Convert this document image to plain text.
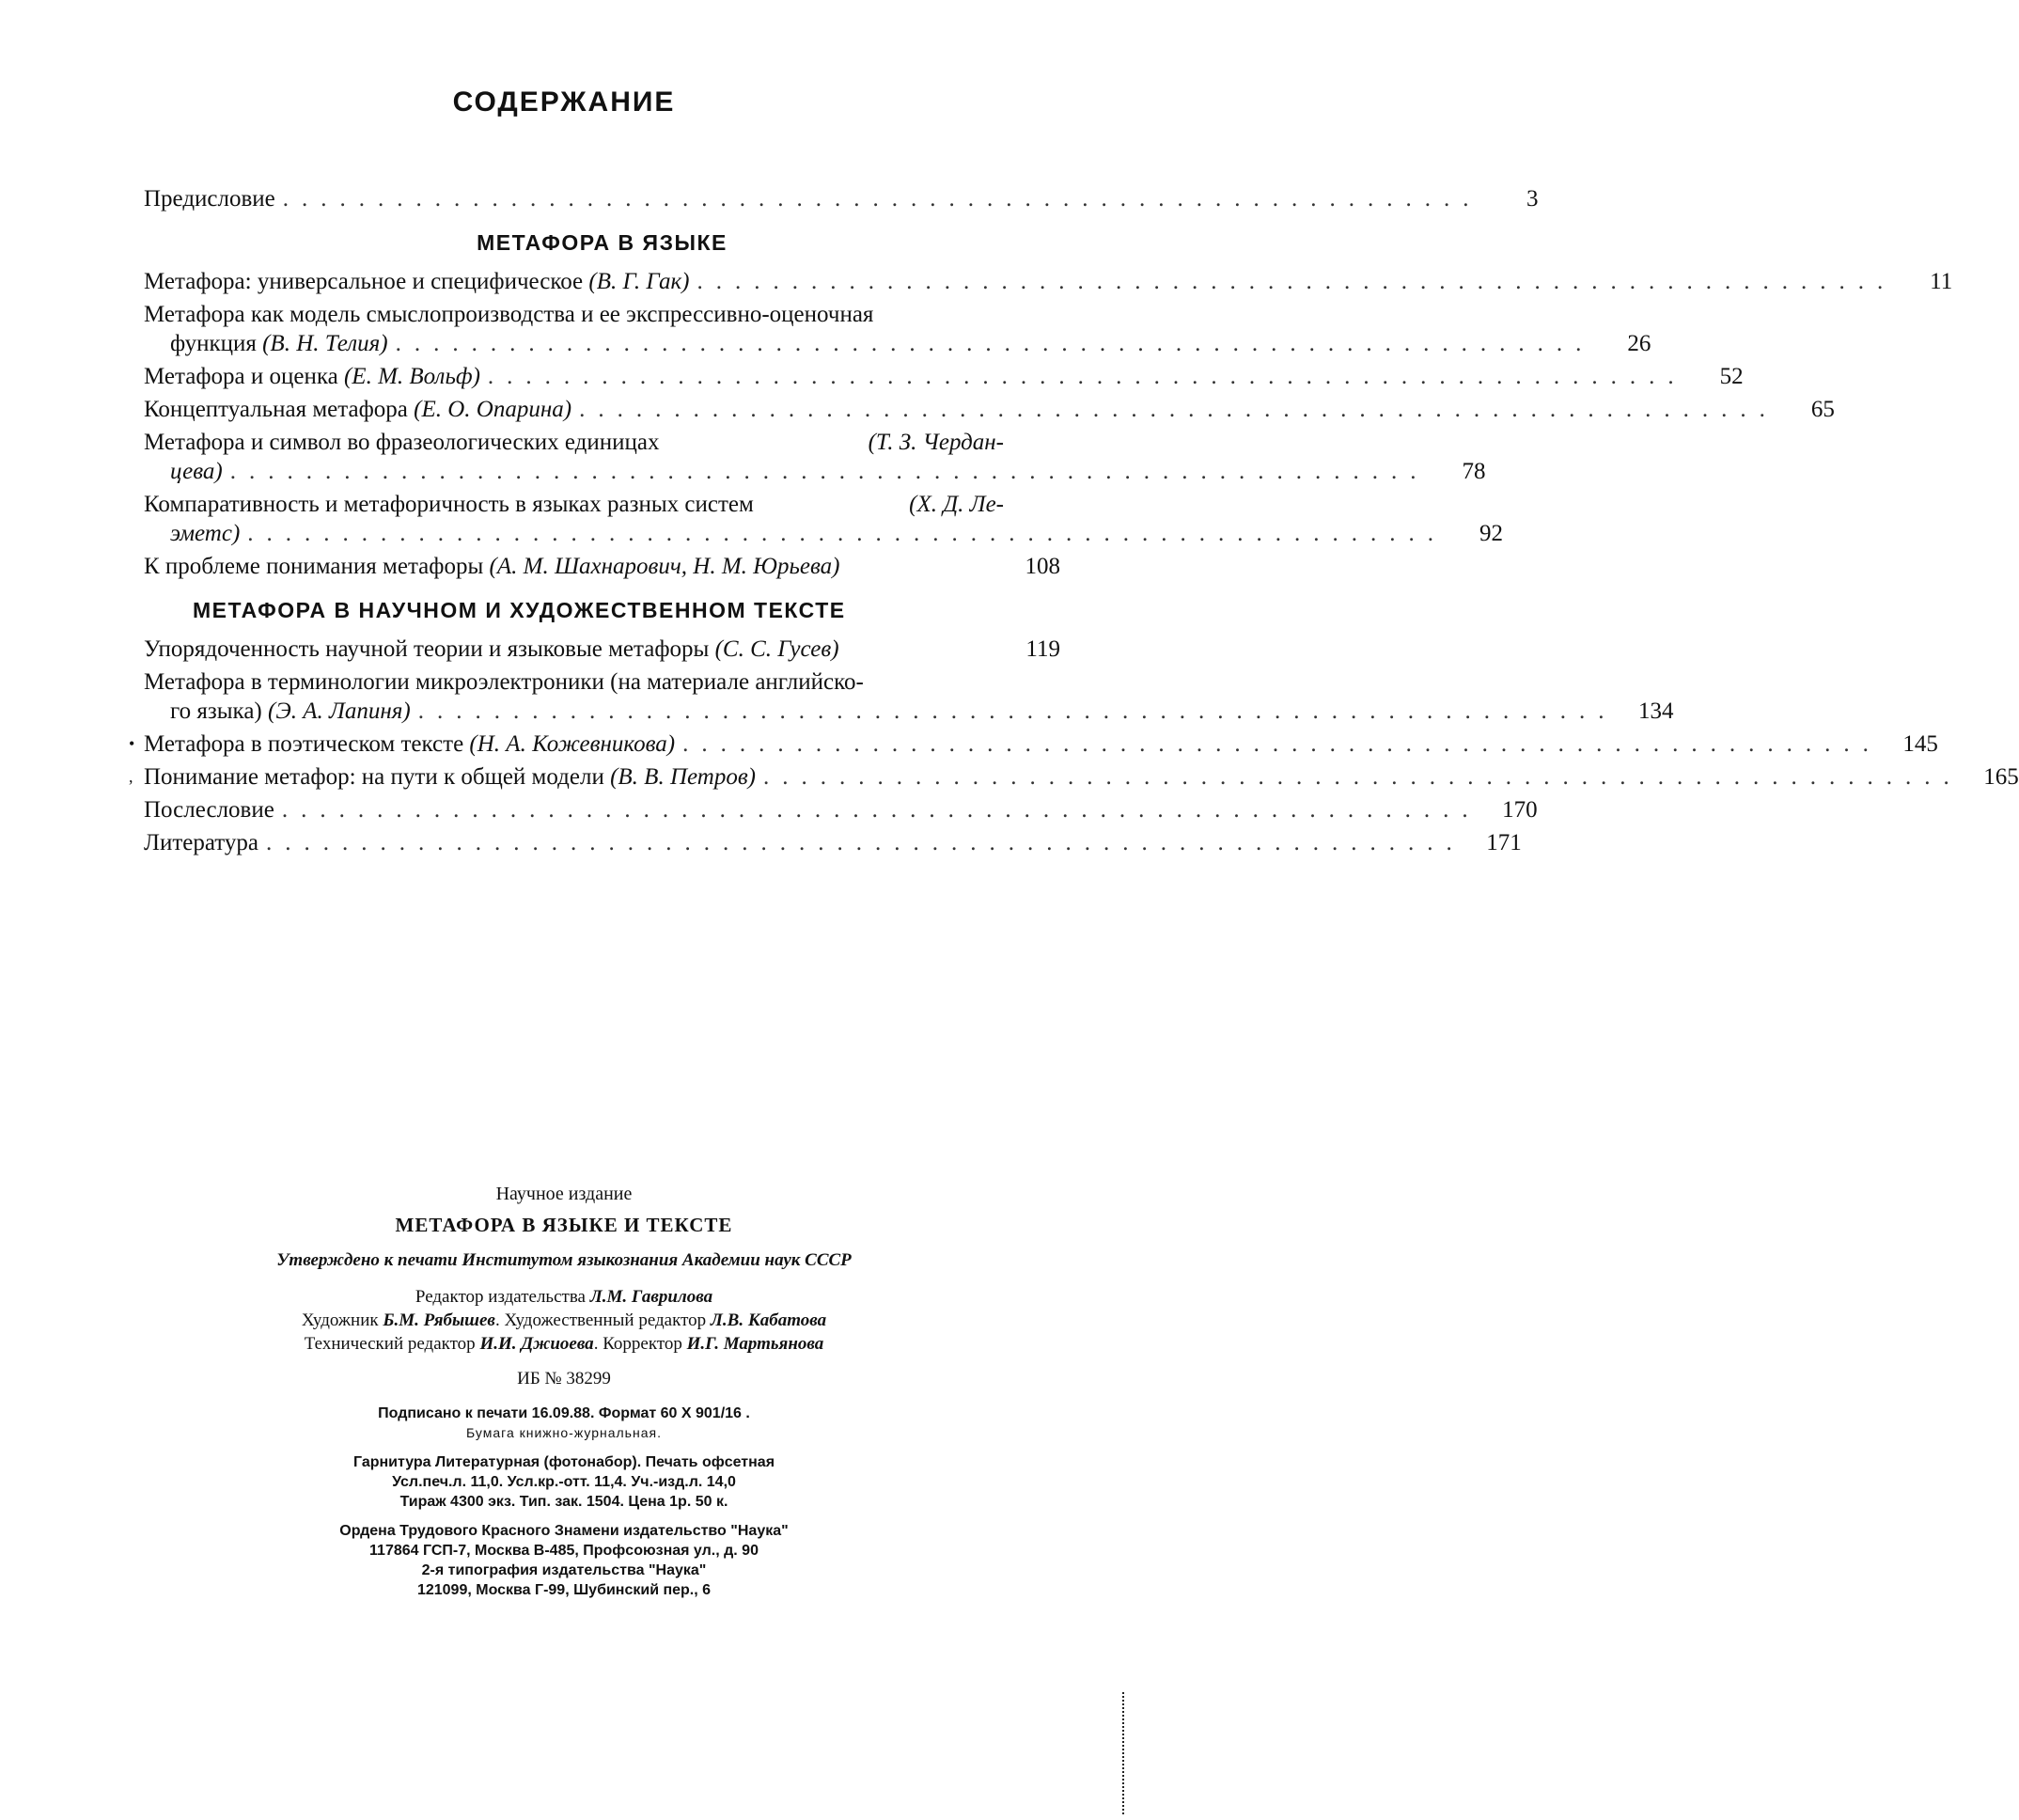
СОДЕРЖАНИЕ
Предисловие ...............................................................	3
МЕТАФОРА В ЯЗЫКЕ
Метафора: универсальное и специфическое (В. Г. Гак) ...............................................................	11
Метафора как модель смыслопроизводства и ее экспрессивно-оценочная
функция (В. Н. Телия) ...............................................................	26
Метафора и оценка (Е. М. Вольф) ...............................................................	52
Концептуальная метафора (Е. О. Опарина) ...............................................................	65
Метафора и символ во фразеологических единицах	(Т. З. Чердан-
цева) ...............................................................	78
Компаративность и метафоричность в языках разных систем	(Х. Д. Ле-
эметс) ...............................................................	92
К проблеме понимания метафоры (А. М. Шахнарович, Н. М. Юрьева)	108
МЕТАФОРА В НАУЧНОМ И ХУДОЖЕСТВЕННОМ ТЕКСТЕ
Упорядоченность научной теории и языковые метафоры (С. С. Гусев)	119
Метафора в терминологии микроэлектроники (на материале английско-
го языка) (Э. А. Лапиня) ............................................................... 134
• Метафора в поэтическом тексте (Н. А. Кожевникова) ............................................................... 145
, Понимание метафор: на пути к общей модели (В. В. Петров) ............................................................... 165
Послесловие ............................................................... 170
Литература ............................................................... 171
Научное издание
МЕТАФОРА В ЯЗЫКЕ И ТЕКСТЕ
Утверждено к печати Институтом языкознания Академии наук СССР
Редактор издательства Л.М. Гаврилова
Художник Б.М. Рябышев. Художественный редактор Л.В. Кабатова
Технический редактор И.И. Джиоева. Корректор И.Г. Мартьянова
ИБ № 38299
Подписано к печати 16.09.88. Формат 60 Х 901/16 .
Бумага книжно-журнальная.
Гарнитура Литературная (фотонабор). Печать офсетная
Усл.печ.л. 11,0. Усл.кр.-отт. 11,4. Уч.-изд.л. 14,0
Тираж 4300 экз. Тип. зак. 1504. Цена 1р. 50 к.
Ордена Трудового Красного Знамени издательство "Наука"
117864 ГСП-7, Москва В-485, Профсоюзная ул., д. 90
2-я типография издательства "Наука"
121099, Москва Г-99, Шубинский пер., 6
